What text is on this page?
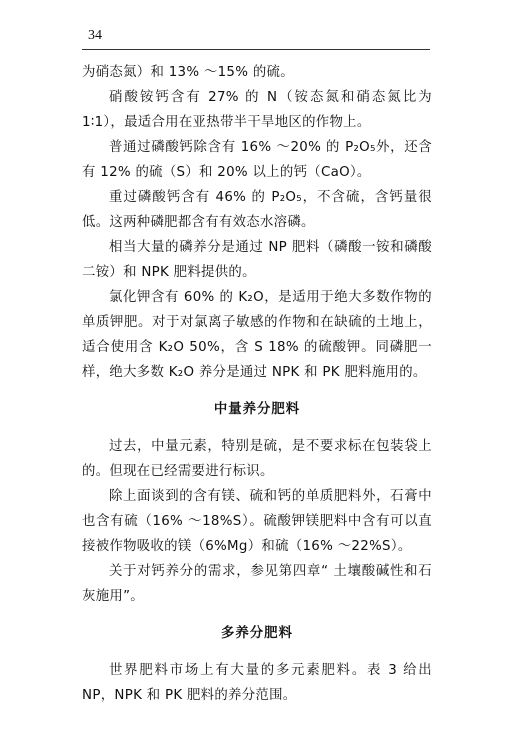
34

为硝态氮）和 13% ～15% 的硫。

硝酸铵钙含有 27% 的 N（铵态氮和硝态氮比为1∶1），最适合用在亚热带半干旱地区的作物上。

普通过磷酸钙除含有 16% ～20% 的 P₂O₅外，还含有 12% 的硫（S）和 20% 以上的钙（CaO）。

重过磷酸钙含有 46% 的 P₂O₅，不含硫，含钙量很低。这两种磷肥都含有有效态水溶磷。

相当大量的磷养分是通过 NP 肥料（磷酸一铵和磷酸二铵）和 NPK 肥料提供的。

氯化钾含有 60% 的 K₂O，是适用于绝大多数作物的单质钾肥。对于对氯离子敏感的作物和在缺硫的土地上，适合使用含 K₂O 50%，含 S 18% 的硫酸钾。同磷肥一样，绝大多数 K₂O 养分是通过 NPK 和 PK 肥料施用的。

中量养分肥料

过去，中量元素，特别是硫，是不要求标在包装袋上的。但现在已经需要进行标识。

除上面谈到的含有镁、硫和钙的单质肥料外，石膏中也含有硫（16% ～18%S）。硫酸钾镁肥料中含有可以直接被作物吸收的镁（6%Mg）和硫（16% ～22%S）。

关于对钙养分的需求，参见第四章“ 土壤酸碱性和石灰施用”。

多养分肥料

世界肥料市场上有大量的多元素肥料。表 3 给出 NP，NPK 和 PK 肥料的养分范围。
